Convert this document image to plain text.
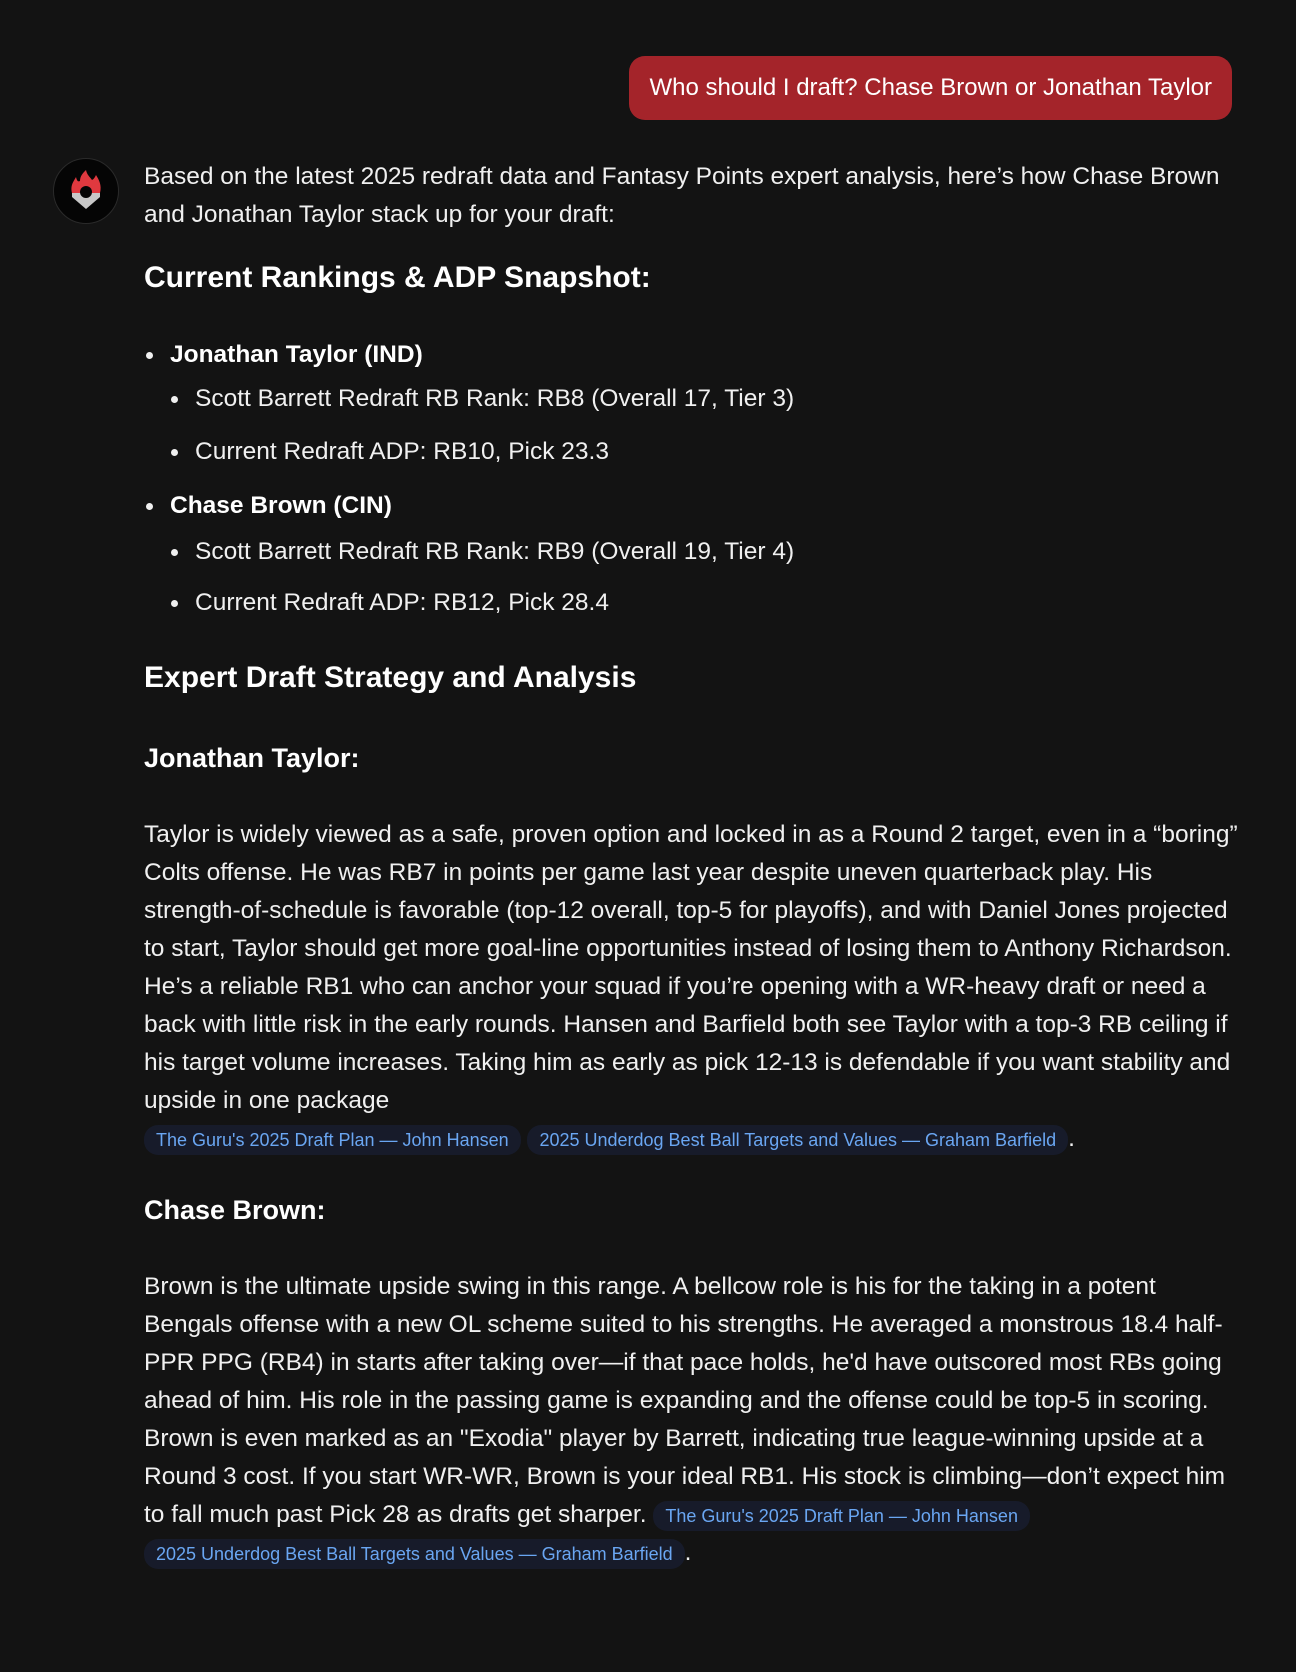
Who should I draft? Chase Brown or Jonathan Taylor

Based on the latest 2025 redraft data and Fantasy Points expert analysis, here’s how Chase Brown and Jonathan Taylor stack up for your draft:

Current Rankings & ADP Snapshot:
Jonathan Taylor (IND)
Scott Barrett Redraft RB Rank: RB8 (Overall 17, Tier 3)
Current Redraft ADP: RB10, Pick 23.3
Chase Brown (CIN)
Scott Barrett Redraft RB Rank: RB9 (Overall 19, Tier 4)
Current Redraft ADP: RB12, Pick 28.4
Expert Draft Strategy and Analysis
Jonathan Taylor:

Taylor is widely viewed as a safe, proven option and locked in as a Round 2 target, even in a “boring” Colts offense. He was RB7 in points per game last year despite uneven quarterback play. His strength-of-schedule is favorable (top-12 overall, top-5 for playoffs), and with Daniel Jones projected to start, Taylor should get more goal-line opportunities instead of losing them to Anthony Richardson. He’s a reliable RB1 who can anchor your squad if you’re opening with a WR-heavy draft or need a back with little risk in the early rounds. Hansen and Barfield both see Taylor with a top-3 RB ceiling if his target volume increases. Taking him as early as pick 12-13 is defendable if you want stability and upside in one package
The Guru's 2025 Draft Plan — John Hansen 2025 Underdog Best Ball Targets and Values — Graham Barfield .

Chase Brown:

Brown is the ultimate upside swing in this range. A bellcow role is his for the taking in a potent Bengals offense with a new OL scheme suited to his strengths. He averaged a monstrous 18.4 half-PPR PPG (RB4) in starts after taking over—if that pace holds, he'd have outscored most RBs going ahead of him. His role in the passing game is expanding and the offense could be top-5 in scoring. Brown is even marked as an "Exodia" player by Barrett, indicating true league-winning upside at a Round 3 cost. If you start WR-WR, Brown is your ideal RB1. His stock is climbing—don’t expect him to fall much past Pick 28 as drafts get sharper. The Guru's 2025 Draft Plan — John Hansen
2025 Underdog Best Ball Targets and Values — Graham Barfield .
